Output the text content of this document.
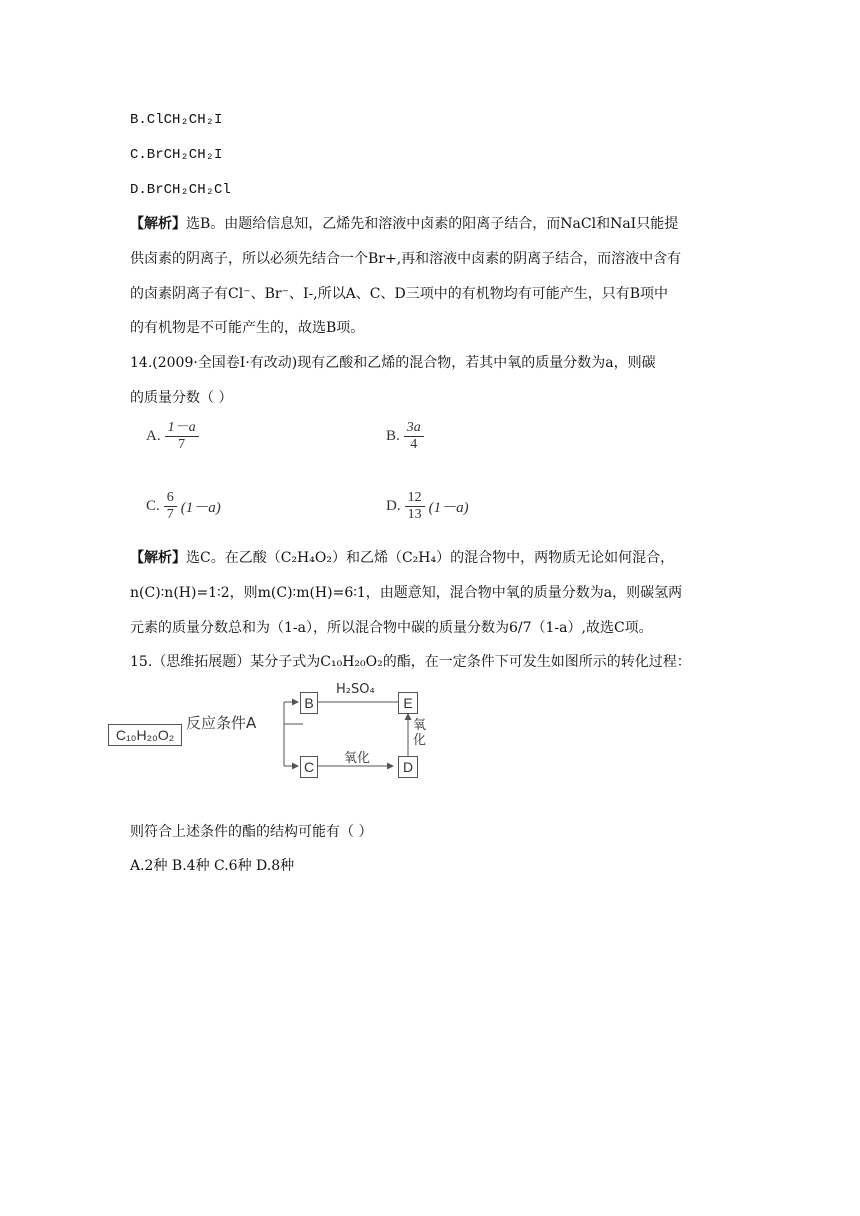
B.ClCH₂CH₂I
C.BrCH₂CH₂I
D.BrCH₂CH₂Cl
【解析】选B。由题给信息知，乙烯先和溶液中卤素的阳离子结合，而NaCl和NaI只能提
供卤素的阴离子，所以必须先结合一个Br+,再和溶液中卤素的阴离子结合，而溶液中含有
的卤素阴离子有Cl⁻、Br⁻、I-,所以A、C、D三项中的有机物均有可能产生，只有B项中
的有机物是不可能产生的，故选B项。
14.(2009·全国卷Ⅰ·有改动)现有乙酸和乙烯的混合物，若其中氧的质量分数为a，则碳
的质量分数（ ）
A. $\frac{1-a}{7}$	B. $\frac{3a}{4}$
C. $\frac{6}{7} (1-a)$	D. $\frac{12}{13} (1-a)$
【解析】选C。在乙酸（C₂H₄O₂）和乙烯（C₂H₄）的混合物中，两物质无论如何混合，
n(C)∶n(H)=1∶2，则m(C)∶m(H)=6∶1，由题意知，混合物中氧的质量分数为a，则碳氢两
元素的质量分数总和为（1-a），所以混合物中碳的质量分数为6/7（1-a）,故选C项。
15.（思维拓展题）某分子式为C₁₀H₂₀O₂的酯，在一定条件下可发生如图所示的转化过程：
C₁₀H₂₀O₂
反应条件A
B
C
E
D
H₂SO₄
氧化
氧
化
则符合上述条件的酯的结构可能有（ ）
A.2种 B.4种 C.6种 D.8种
